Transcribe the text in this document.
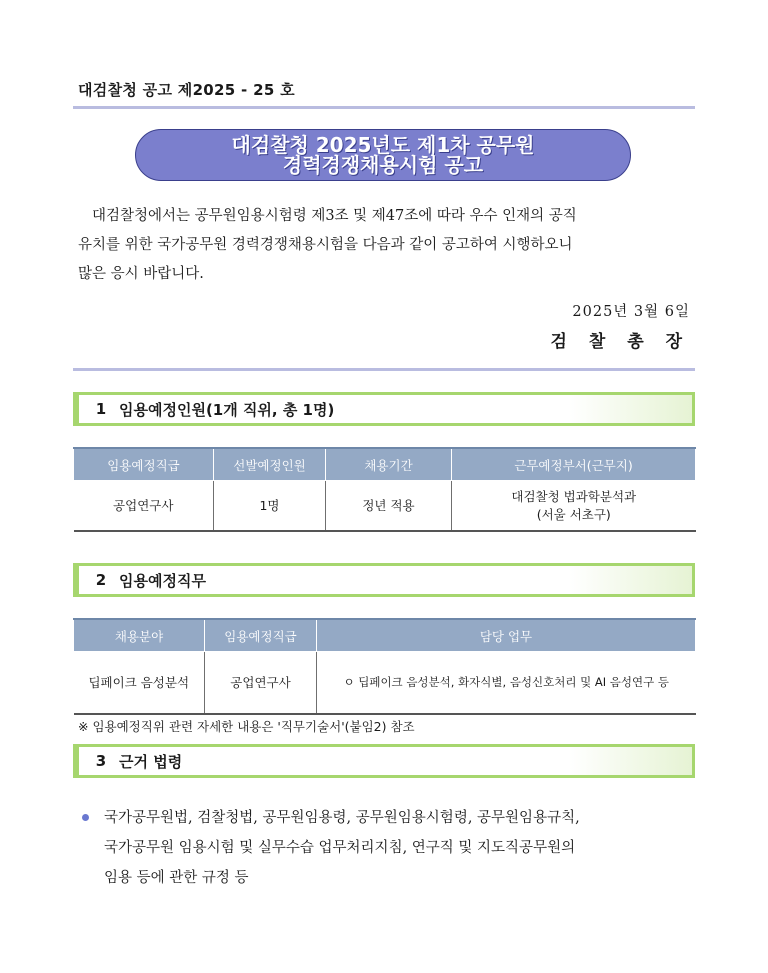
대검찰청 공고 제2025 - 25 호
대검찰청 2025년도 제1차 공무원
경력경쟁채용시험 공고
대검찰청에서는 공무원임용시험령 제3조 및 제47조에 따라 우수 인재의 공직
유치를 위한 국가공무원 경력경쟁채용시험을 다음과 같이 공고하여 시행하오니
많은 응시 바랍니다.
2025년 3월 6일
검 찰 총 장
1 임용예정인원(1개 직위, 총 1명)
임용예정직급	선발예정인원	채용기간	근무예정부서(근무지)
공업연구사	1명	정년 적용	대검찰청 법과학분석과
(서울 서초구)
2 임용예정직무
채용분야	임용예정직급	담당 업무
딥페이크 음성분석	공업연구사	ㅇ 딥페이크 음성분석, 화자식별, 음성신호처리 및 AI 음성연구 등
※ 임용예정직위 관련 자세한 내용은 '직무기술서'(붙임2) 참조
3 근거 법령
국가공무원법, 검찰청법, 공무원임용령, 공무원임용시험령, 공무원임용규칙,
국가공무원 임용시험 및 실무수습 업무처리지침, 연구직 및 지도직공무원의
임용 등에 관한 규정 등
